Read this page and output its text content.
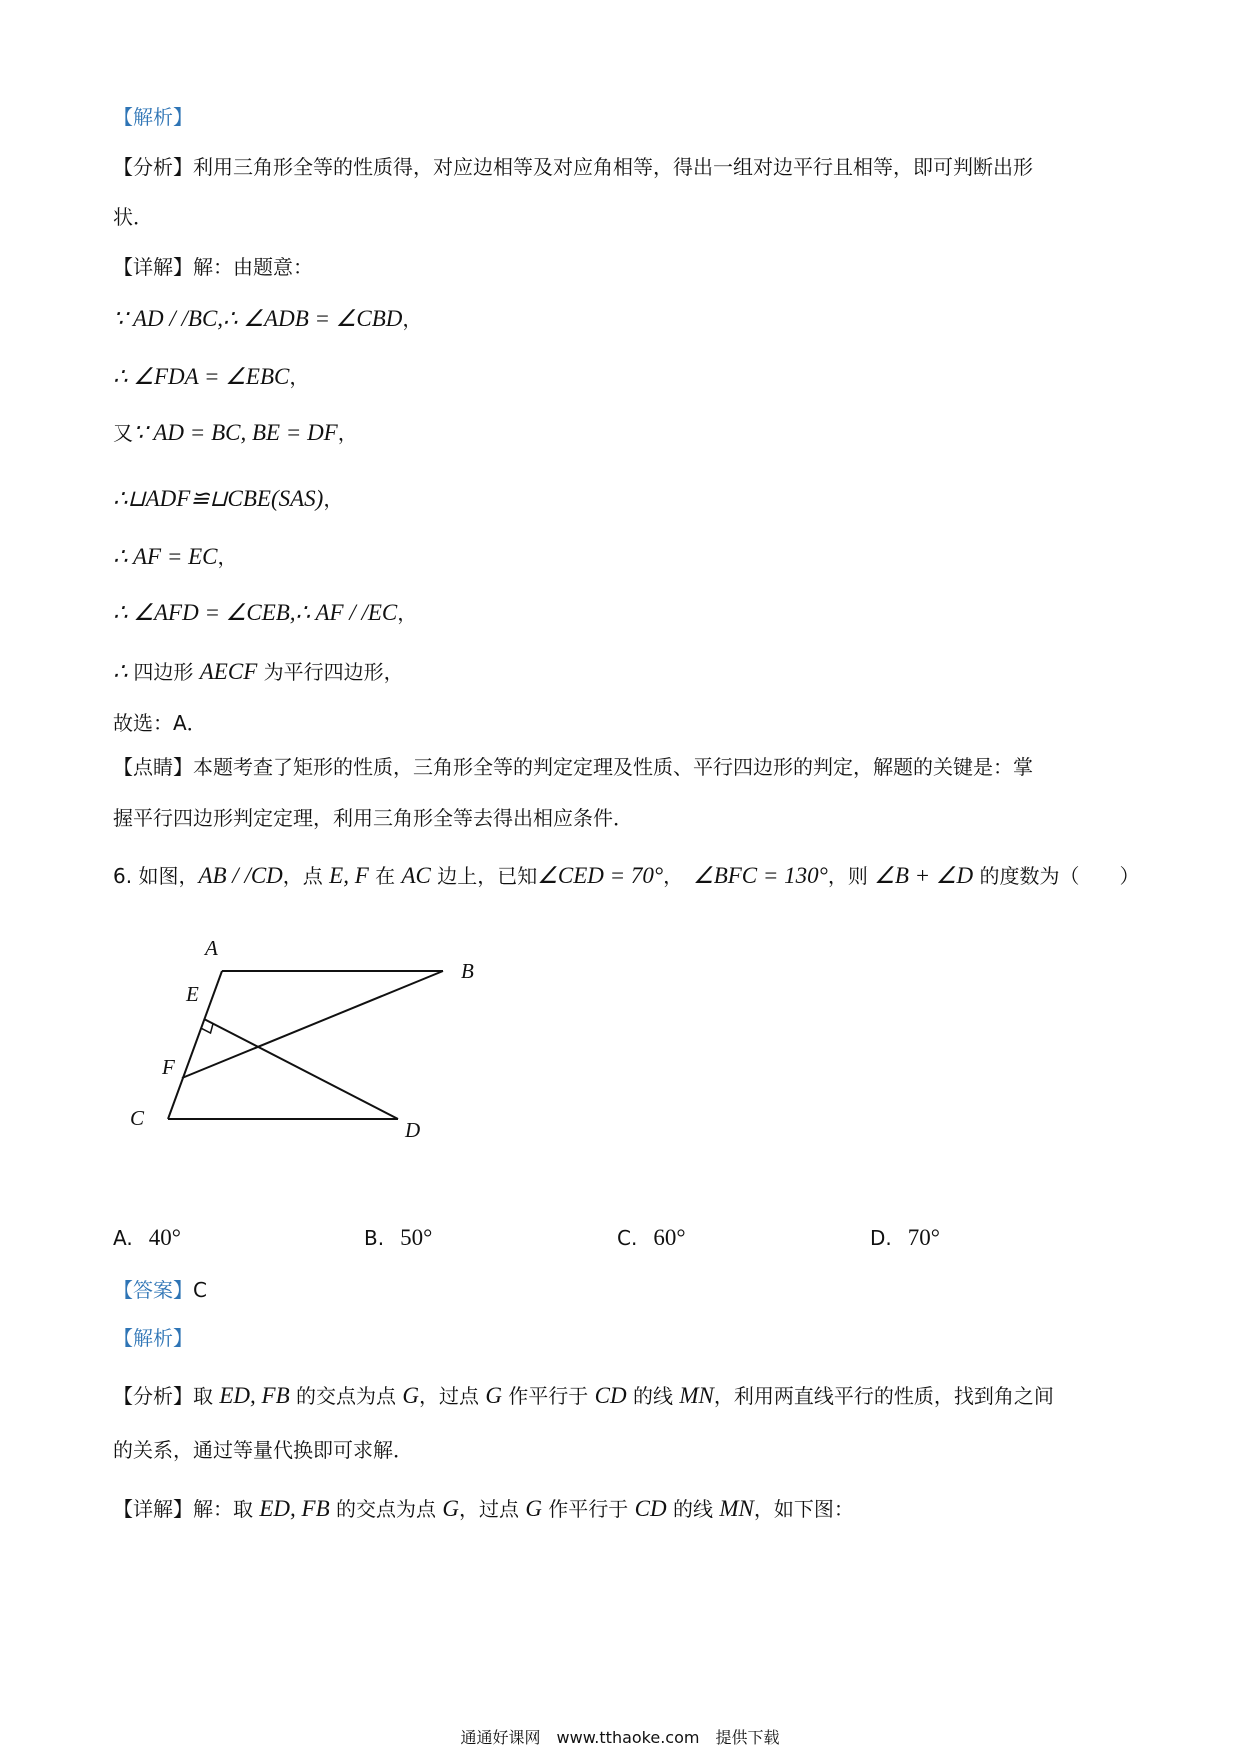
【解析】
【分析】利用三角形全等的性质得，对应边相等及对应角相等，得出一组对边平行且相等，即可判断出形
状．
【详解】解：由题意：
∵ AD / /BC,∴ ∠ADB = ∠CBD，
∴ ∠FDA = ∠EBC，
又∵ AD = BC, BE = DF，
∴⊔ADF≌⊔CBE(SAS)，
∴ AF = EC，
∴ ∠AFD = ∠CEB,∴ AF / /EC，
∴ 四边形 AECF 为平行四边形，
故选：A．
【点睛】本题考查了矩形的性质，三角形全等的判定定理及性质、平行四边形的判定，解题的关键是：掌
握平行四边形判定定理，利用三角形全等去得出相应条件．
6. 如图，AB / /CD，点 E, F 在 AC 边上，已知∠CED = 70°，　∠BFC = 130°，则 ∠B + ∠D 的度数为（　　）
【答案】C
【解析】
【分析】取 ED, FB 的交点为点 G，过点 G 作平行于 CD 的线 MN，利用两直线平行的性质，找到角之间
的关系，通过等量代换即可求解．
【详解】解：取 ED, FB 的交点为点 G，过点 G 作平行于 CD 的线 MN，如下图：
A
B
C	D
E
F
A. 40°	B. 50°	C. 60°	D. 70°
通通好课网　www.tthaoke.com　提供下载
